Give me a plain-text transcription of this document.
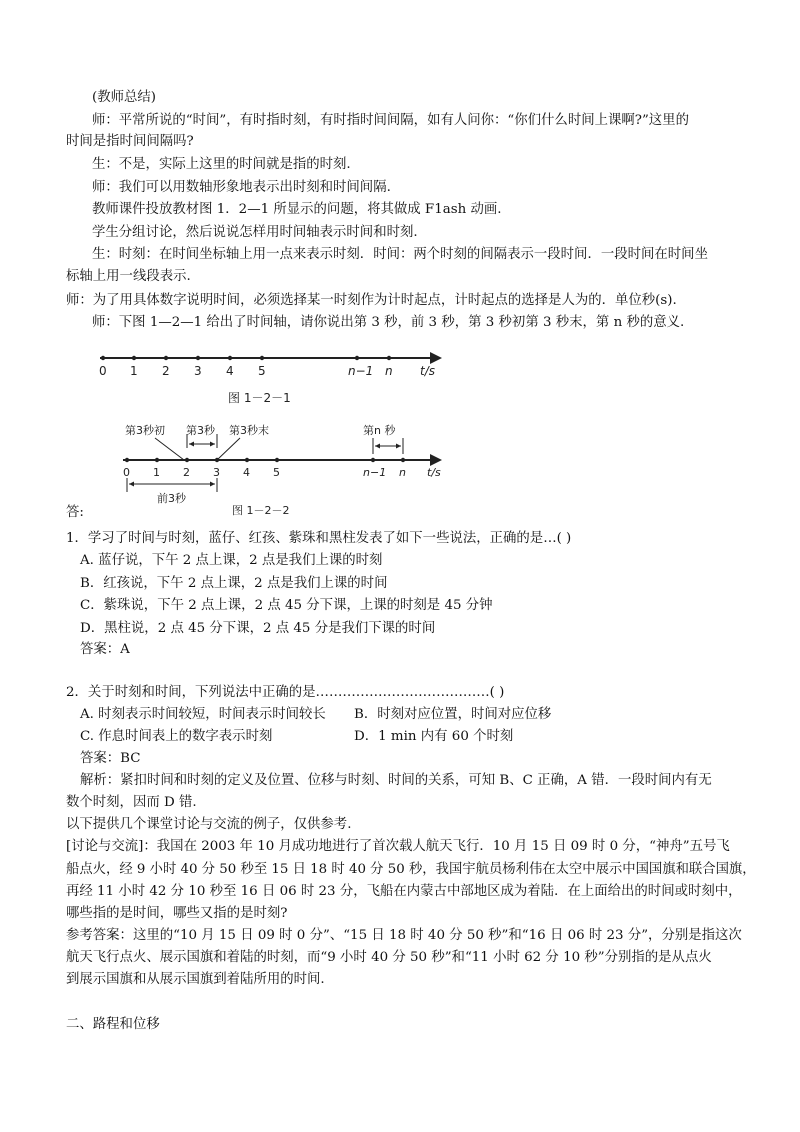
(教师总结)
师：平常所说的“时间”，有时指时刻，有时指时间间隔，如有人问你：“你们什么时间上课啊?”这里的
时间是指时间间隔吗?
生：不是，实际上这里的时间就是指的时刻.
师：我们可以用数轴形象地表示出时刻和时间间隔.
教师课件投放教材图 1．2—1 所显示的问题，将其做成 F1ash 动画.
学生分组讨论，然后说说怎样用时间轴表示时间和时刻.
生：时刻：在时间坐标轴上用一点来表示时刻．时间：两个时刻的间隔表示一段时间．一段时间在时间坐
标轴上用一线段表示.
师：为了用具体数字说明时间，必须选择某一时刻作为计时起点，计时起点的选择是人为的．单位秒(s).
师：下图 1—2—1 给出了时间轴，请你说出第 3 秒，前 3 秒，第 3 秒初第 3 秒末，第 n 秒的意义.
0 1 2 3 4 5	n−1 n t/s
图 1－2－1
第3秒初 第3秒 第3秒末	第n 秒
0 1 2 3 4 5	n−1 n t/s
前3秒
图 1－2－2
答:
1．学习了时间与时刻，蓝仔、红孩、紫珠和黑柱发表了如下一些说法，正确的是…( )
A. 蓝仔说，下午 2 点上课，2 点是我们上课的时刻
B．红孩说，下午 2 点上课，2 点是我们上课的时间
C．紫珠说，下午 2 点上课，2 点 45 分下课，上课的时刻是 45 分钟
D．黑柱说，2 点 45 分下课，2 点 45 分是我们下课的时间
答案：A
2．关于时刻和时间，下列说法中正确的是…………………………………( )
A. 时刻表示时间较短，时间表示时间较长 B．时刻对应位置，时间对应位移
C. 作息时间表上的数字表示时刻	D．1 min 内有 60 个时刻
答案：BC
解析：紧扣时间和时刻的定义及位置、位移与时刻、时间的关系，可知 B、C 正确，A 错．一段时间内有无
数个时刻，因而 D 错.
以下提供几个课堂讨论与交流的例子，仅供参考.
[讨论与交流]：我国在 2003 年 10 月成功地进行了首次载人航天飞行．10 月 15 日 09 时 0 分，“神舟”五号飞
船点火，经 9 小时 40 分 50 秒至 15 日 18 时 40 分 50 秒，我国宇航员杨利伟在太空中展示中国国旗和联合国旗，
再经 11 小时 42 分 10 秒至 16 日 06 时 23 分，飞船在内蒙古中部地区成为着陆．在上面给出的时间或时刻中，
哪些指的是时间，哪些又指的是时刻?
参考答案：这里的“10 月 15 日 09 时 0 分”、“15 日 18 时 40 分 50 秒”和“16 日 06 时 23 分”，分别是指这次
航天飞行点火、展示国旗和着陆的时刻，而“9 小时 40 分 50 秒”和“11 小时 62 分 10 秒”分别指的是从点火
到展示国旗和从展示国旗到着陆所用的时间.
二、路程和位移
